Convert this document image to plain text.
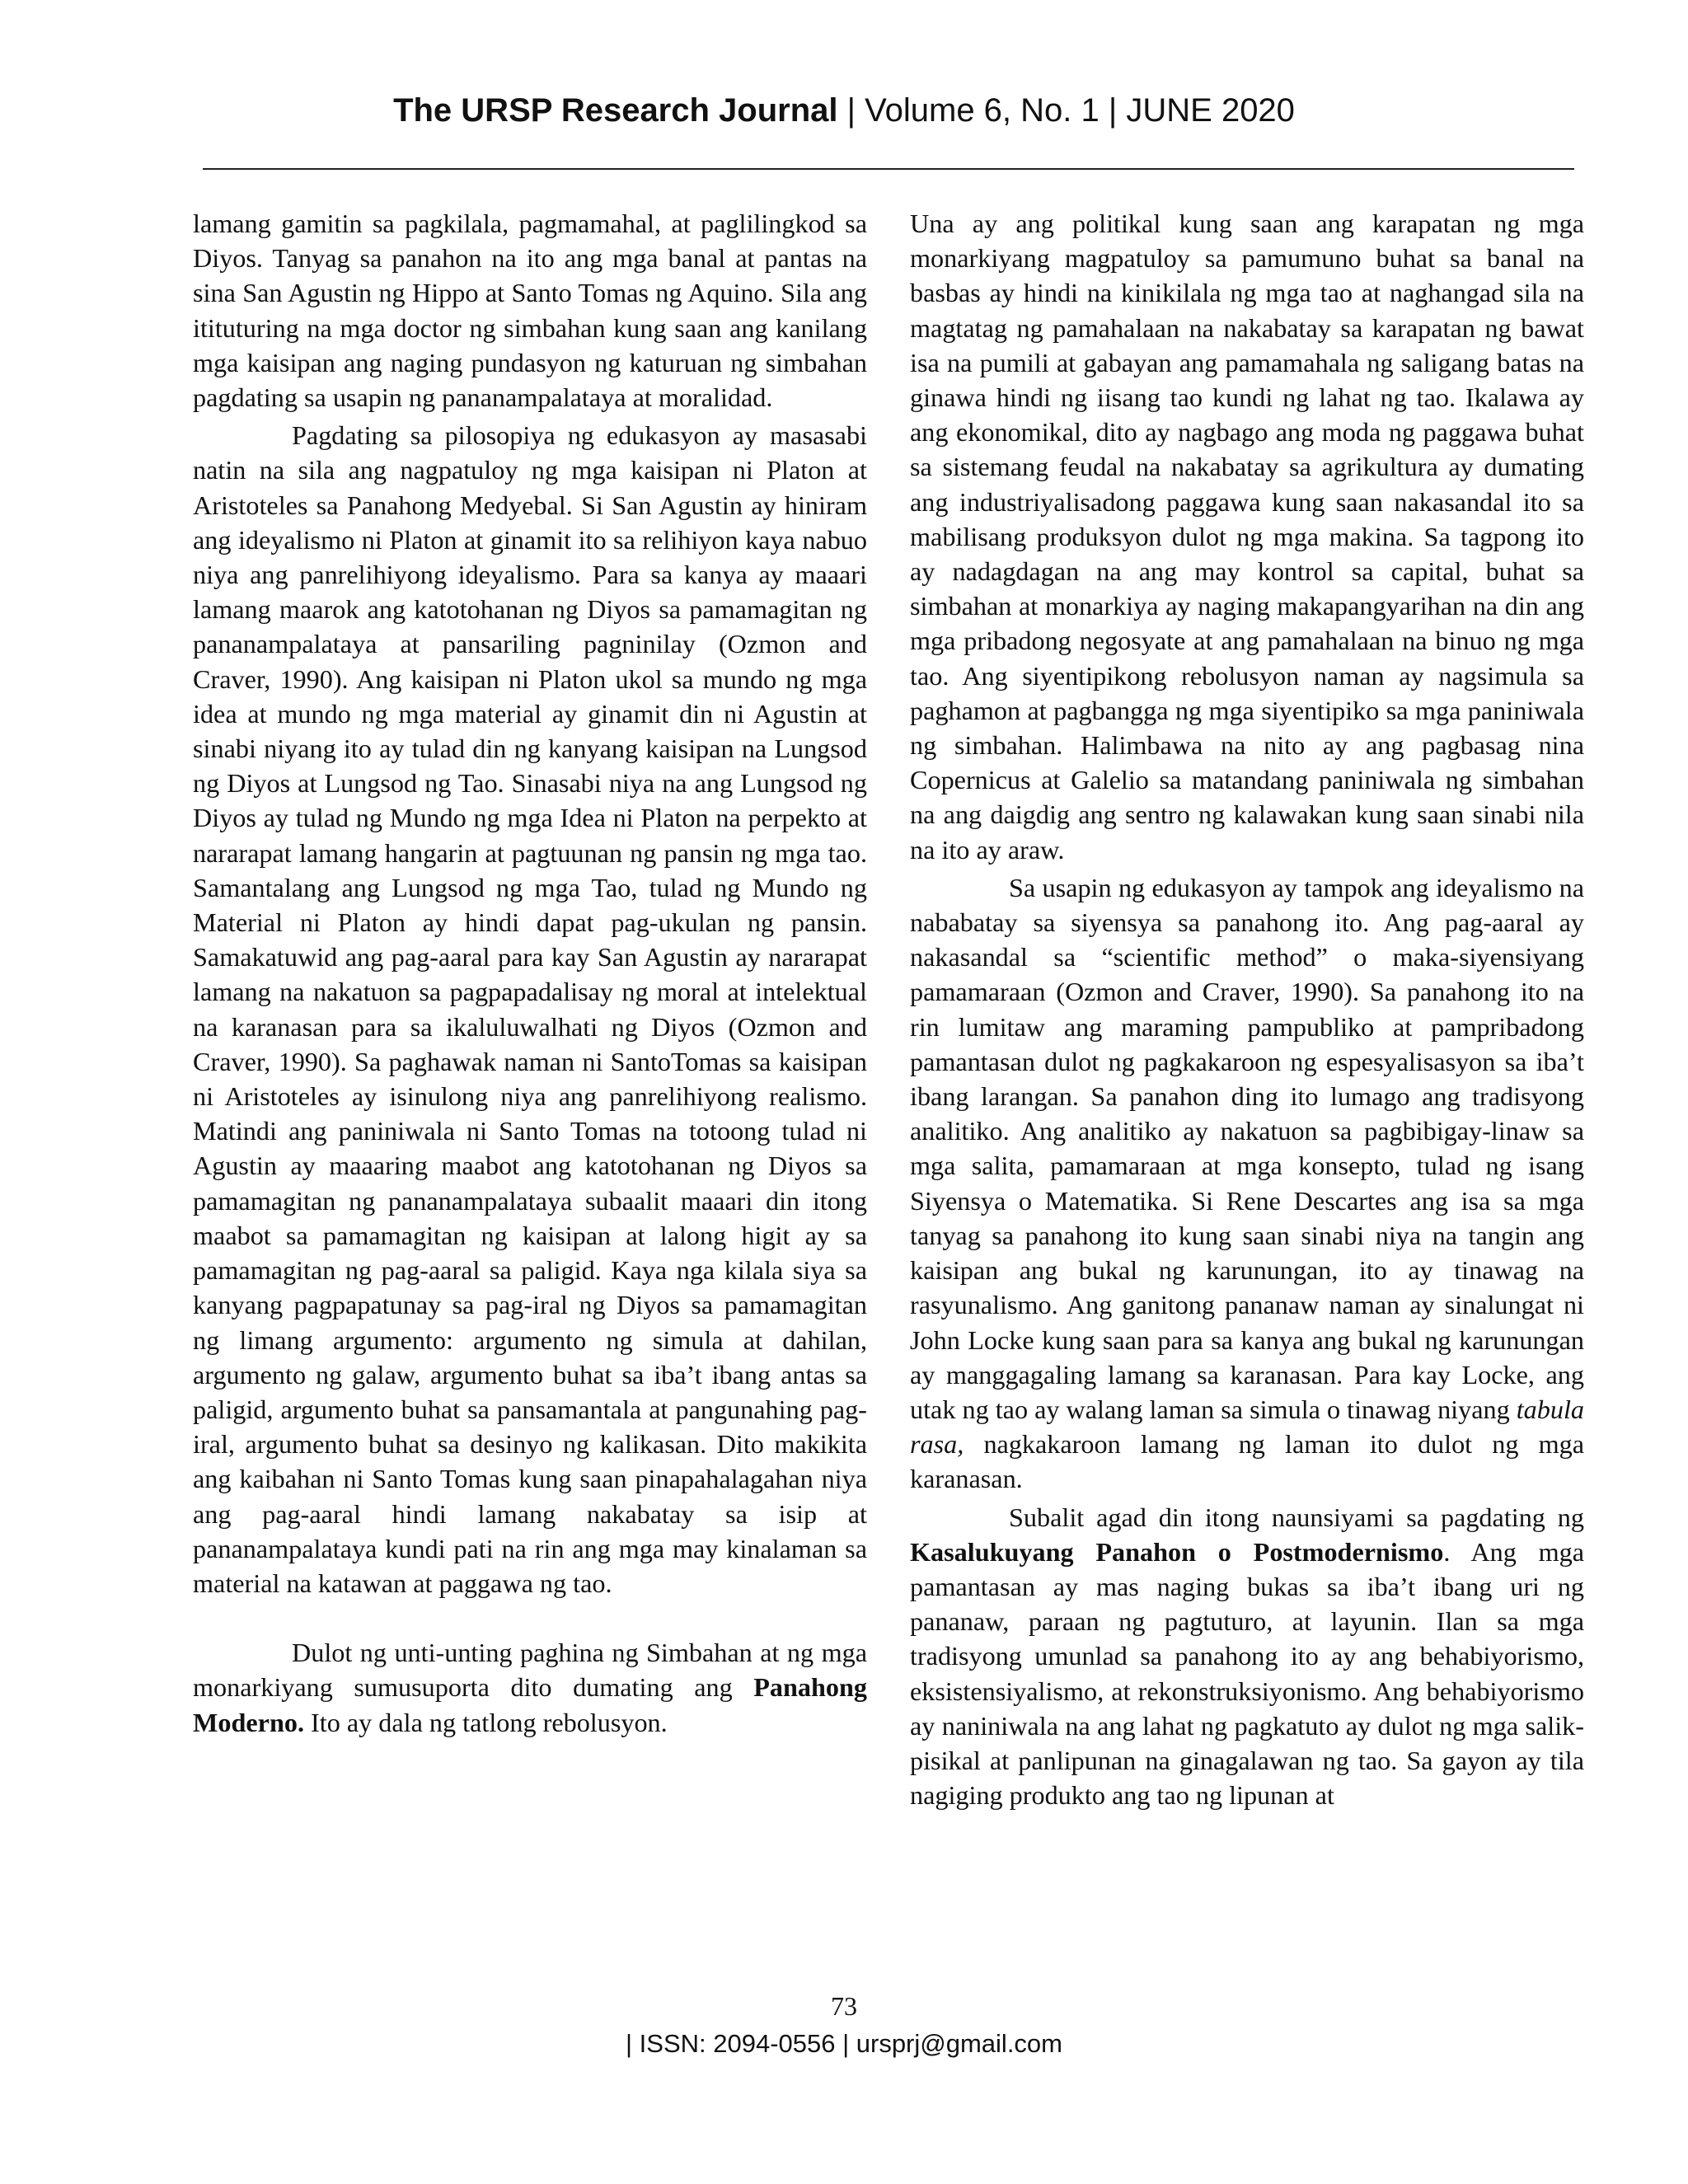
The URSP Research Journal | Volume 6, No. 1 | JUNE 2020

lamang gamitin sa pagkilala, pagmamahal, at paglilingkod sa Diyos. Tanyag sa panahon na ito ang mga banal at pantas na sina San Agustin ng Hippo at Santo Tomas ng Aquino. Sila ang itituturing na mga doctor ng simbahan kung saan ang kanilang mga kaisipan ang naging pundasyon ng katuruan ng simbahan pagdating sa usapin ng pananampalataya at moralidad.

Pagdating sa pilosopiya ng edukasyon ay masasabi natin na sila ang nagpatuloy ng mga kaisipan ni Platon at Aristoteles sa Panahong Medyebal. Si San Agustin ay hiniram ang ideyalismo ni Platon at ginamit ito sa relihiyon kaya nabuo niya ang panrelihiyong ideyalismo. Para sa kanya ay maaari lamang maarok ang katotohanan ng Diyos sa pamamagitan ng pananampalataya at pansariling pagninilay (Ozmon and Craver, 1990). Ang kaisipan ni Platon ukol sa mundo ng mga idea at mundo ng mga material ay ginamit din ni Agustin at sinabi niyang ito ay tulad din ng kanyang kaisipan na Lungsod ng Diyos at Lungsod ng Tao. Sinasabi niya na ang Lungsod ng Diyos ay tulad ng Mundo ng mga Idea ni Platon na perpekto at nararapat lamang hangarin at pagtuunan ng pansin ng mga tao. Samantalang ang Lungsod ng mga Tao, tulad ng Mundo ng Material ni Platon ay hindi dapat pag-ukulan ng pansin. Samakatuwid ang pag-aaral para kay San Agustin ay nararapat lamang na nakatuon sa pagpapadalisay ng moral at intelektual na karanasan para sa ikaluluwalhati ng Diyos (Ozmon and Craver, 1990). Sa paghawak naman ni SantoTomas sa kaisipan ni Aristoteles ay isinulong niya ang panrelihiyong realismo. Matindi ang paniniwala ni Santo Tomas na totoong tulad ni Agustin ay maaaring maabot ang katotohanan ng Diyos sa pamamagitan ng pananampalataya subaalit maaari din itong maabot sa pamamagitan ng kaisipan at lalong higit ay sa pamamagitan ng pag-aaral sa paligid. Kaya nga kilala siya sa kanyang pagpapatunay sa pag-iral ng Diyos sa pamamagitan ng limang argumento: argumento ng simula at dahilan, argumento ng galaw, argumento buhat sa iba’t ibang antas sa paligid, argumento buhat sa pansamantala at pangunahing pag-iral, argumento buhat sa desinyo ng kalikasan. Dito makikita ang kaibahan ni Santo Tomas kung saan pinapahalagahan niya ang pag-aaral hindi lamang nakabatay sa isip at pananampalataya kundi pati na rin ang mga may kinalaman sa material na katawan at paggawa ng tao.

Dulot ng unti-unting paghina ng Simbahan at ng mga monarkiyang sumusuporta dito dumating ang Panahong Moderno. Ito ay dala ng tatlong rebolusyon.

Una ay ang politikal kung saan ang karapatan ng mga monarkiyang magpatuloy sa pamumuno buhat sa banal na basbas ay hindi na kinikilala ng mga tao at naghangad sila na magtatag ng pamahalaan na nakabatay sa karapatan ng bawat isa na pumili at gabayan ang pamamahala ng saligang batas na ginawa hindi ng iisang tao kundi ng lahat ng tao. Ikalawa ay ang ekonomikal, dito ay nagbago ang moda ng paggawa buhat sa sistemang feudal na nakabatay sa agrikultura ay dumating ang industriyalisadong paggawa kung saan nakasandal ito sa mabilisang produksyon dulot ng mga makina. Sa tagpong ito ay nadagdagan na ang may kontrol sa capital, buhat sa simbahan at monarkiya ay naging makapangyarihan na din ang mga pribadong negosyate at ang pamahalaan na binuo ng mga tao. Ang siyentipikong rebolusyon naman ay nagsimula sa paghamon at pagbangga ng mga siyentipiko sa mga paniniwala ng simbahan. Halimbawa na nito ay ang pagbasag nina Copernicus at Galelio sa matandang paniniwala ng simbahan na ang daigdig ang sentro ng kalawakan kung saan sinabi nila na ito ay araw.

Sa usapin ng edukasyon ay tampok ang ideyalismo na nababatay sa siyensya sa panahong ito. Ang pag-aaral ay nakasandal sa “scientific method” o maka-siyensiyang pamamaraan (Ozmon and Craver, 1990). Sa panahong ito na rin lumitaw ang maraming pampubliko at pampribadong pamantasan dulot ng pagkakaroon ng espesyalisasyon sa iba’t ibang larangan. Sa panahon ding ito lumago ang tradisyong analitiko. Ang analitiko ay nakatuon sa pagbibigay-linaw sa mga salita, pamamaraan at mga konsepto, tulad ng isang Siyensya o Matematika. Si Rene Descartes ang isa sa mga tanyag sa panahong ito kung saan sinabi niya na tangin ang kaisipan ang bukal ng karunungan, ito ay tinawag na rasyunalismo. Ang ganitong pananaw naman ay sinalungat ni John Locke kung saan para sa kanya ang bukal ng karunungan ay manggagaling lamang sa karanasan. Para kay Locke, ang utak ng tao ay walang laman sa simula o tinawag niyang tabula rasa, nagkakaroon lamang ng laman ito dulot ng mga karanasan.

Subalit agad din itong naunsiyami sa pagdating ng Kasalukuyang Panahon o Postmodernismo. Ang mga pamantasan ay mas naging bukas sa iba’t ibang uri ng pananaw, paraan ng pagtuturo, at layunin. Ilan sa mga tradisyong umunlad sa panahong ito ay ang behabiyorismo, eksistensiyalismo, at rekonstruksiyonismo. Ang behabiyorismo ay naniniwala na ang lahat ng pagkatuto ay dulot ng mga salik-pisikal at panlipunan na ginagalawan ng tao. Sa gayon ay tila nagiging produkto ang tao ng lipunan at

73
| ISSN: 2094-0556 | ursprj@gmail.com
